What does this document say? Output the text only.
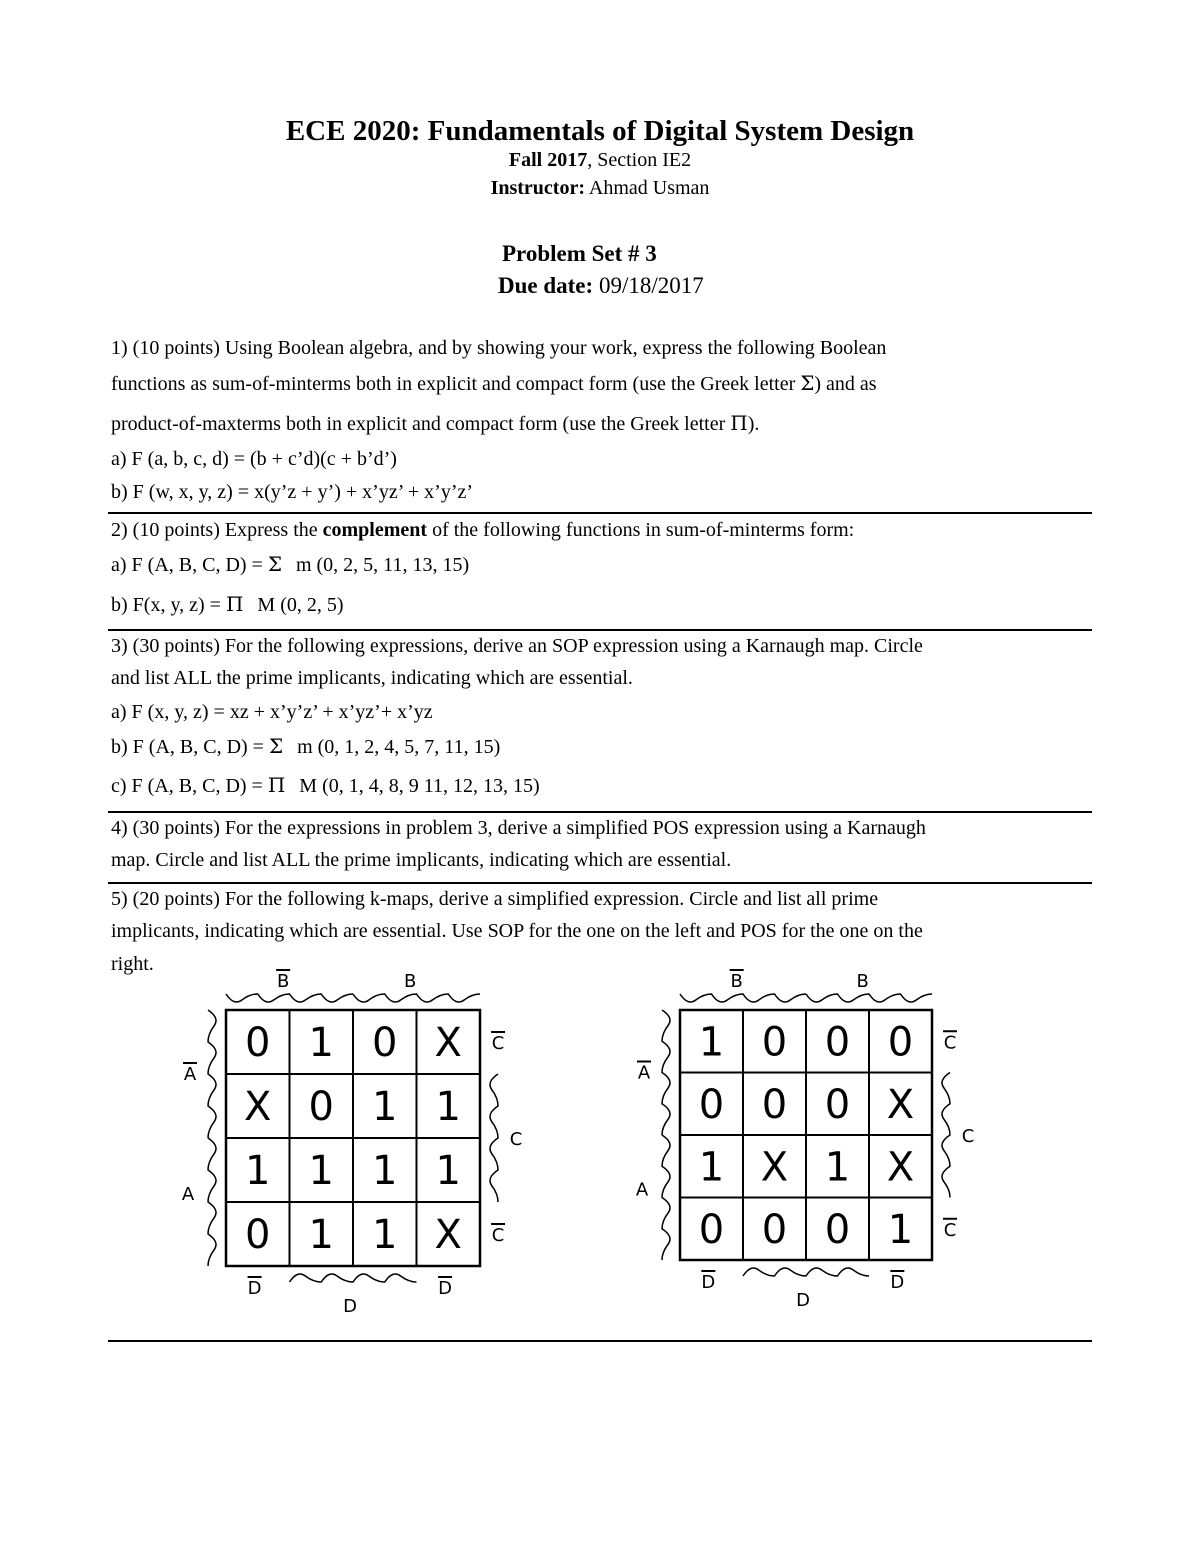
ECE 2020: Fundamentals of Digital System Design
Fall 2017, Section IE2
Instructor: Ahmad Usman
Problem Set # 3
Due date: 09/18/2017
1) (10 points) Using Boolean algebra, and by showing your work, express the following Boolean
functions as sum-of-minterms both in explicit and compact form (use the Greek letter Σ) and as
product-of-maxterms both in explicit and compact form (use the Greek letter Π).
a) F (a, b, c, d) = (b + c’d)(c + b’d’)
b) F (w, x, y, z) = x(y’z + y’) + x’yz’ + x’y’z’
2) (10 points) Express the complement of the following functions in sum-of-minterms form:
a) F (A, B, C, D) = Σ m (0, 2, 5, 11, 13, 15)
b) F(x, y, z) = Π M (0, 2, 5)
3) (30 points) For the following expressions, derive an SOP expression using a Karnaugh map. Circle
and list ALL the prime implicants, indicating which are essential.
a) F (x, y, z) = xz + x’y’z’ + x’yz’+ x’yz
b) F (A, B, C, D) = Σ m (0, 1, 2, 4, 5, 7, 11, 15)
c) F (A, B, C, D) = Π M (0, 1, 4, 8, 9 11, 12, 13, 15)
4) (30 points) For the expressions in problem 3, derive a simplified POS expression using a Karnaugh
map. Circle and list ALL the prime implicants, indicating which are essential.
5) (20 points) For the following k-maps, derive a simplified expression. Circle and list all prime
implicants, indicating which are essential. Use SOP for the one on the left and POS for the one on the
right.
0 1 0 X
X 0 1 1
1 1 1 1
0 1 1 X
B	B
A
A
C
C
C
D
D
D
1 0 0 0
0 0 0 X
1 X 1 X
0 0 0 1
B	B
A
A
C
C
C
D
D
D
